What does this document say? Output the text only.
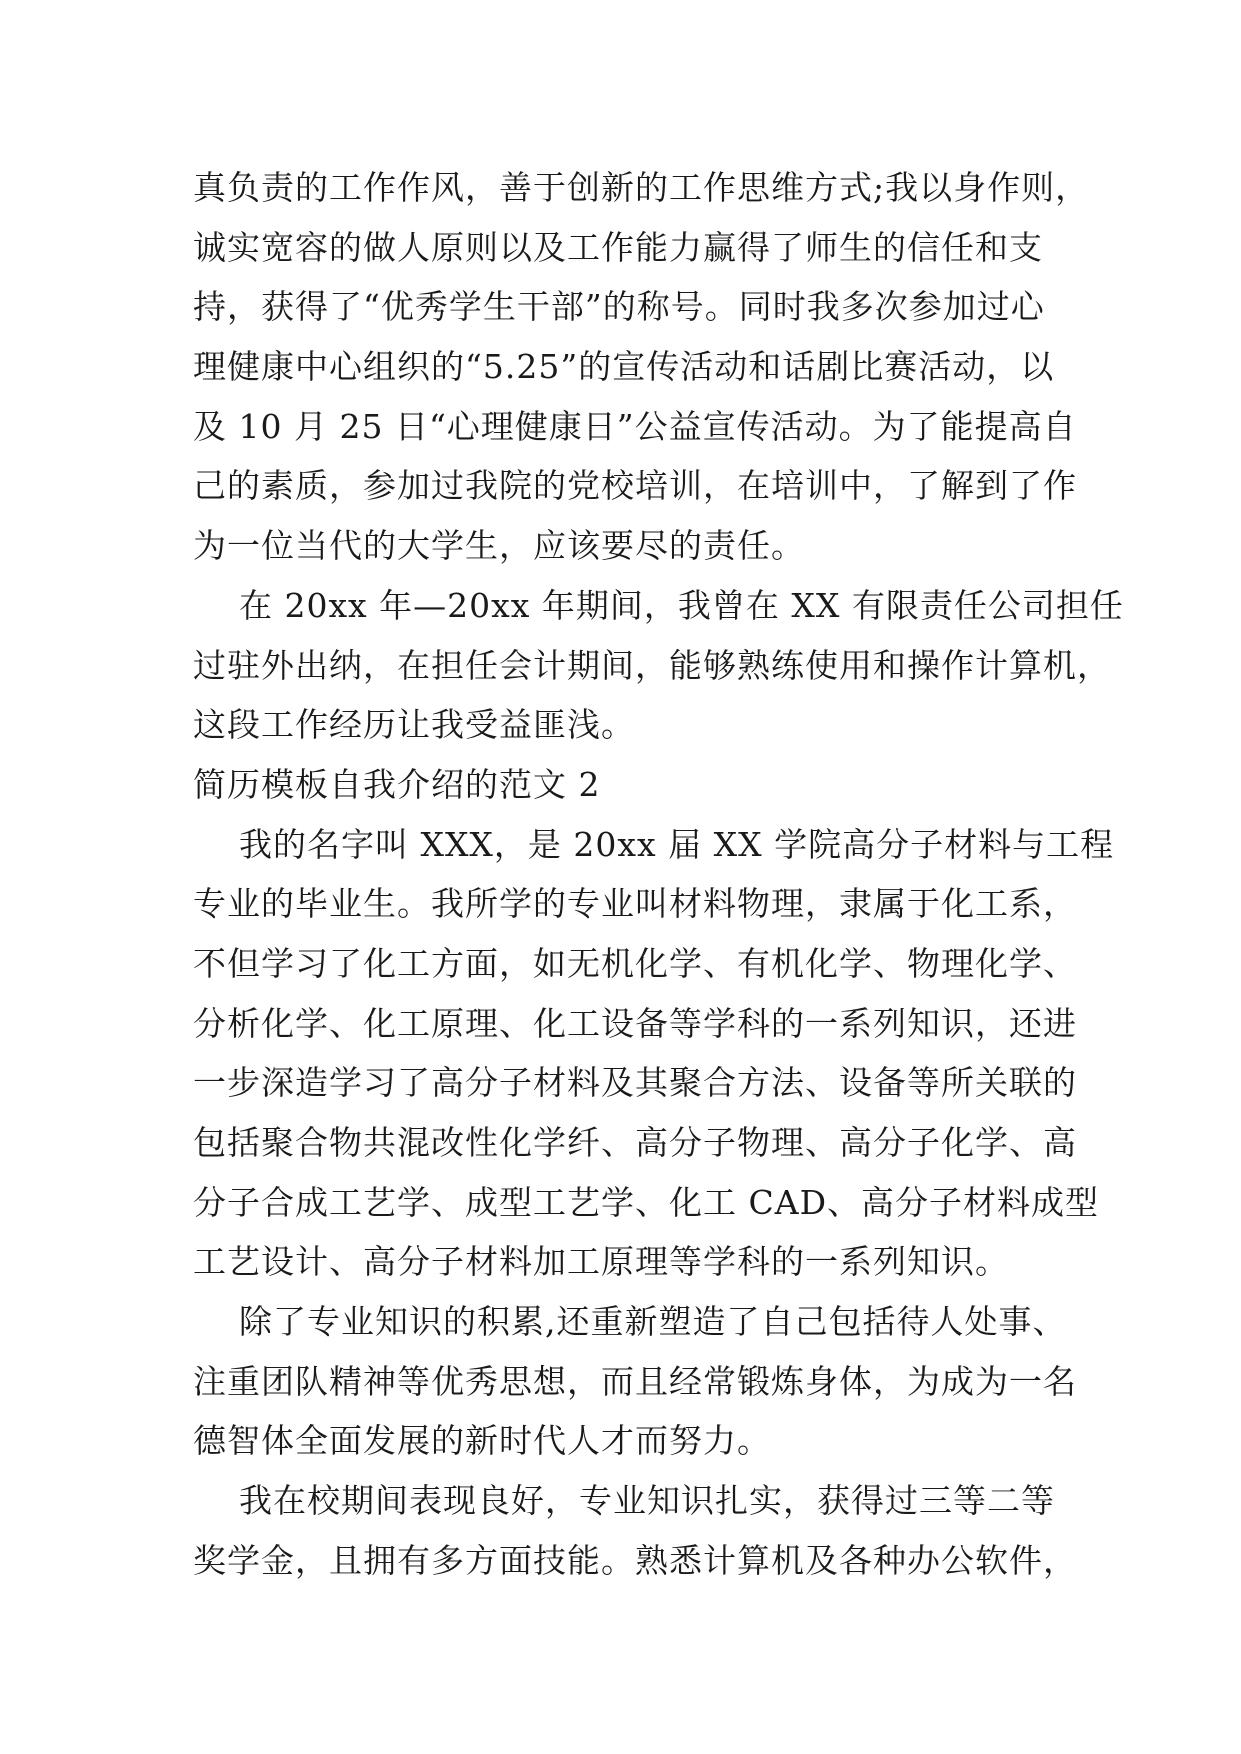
真负责的工作作风，善于创新的工作思维方式;我以身作则，
诚实宽容的做人原则以及工作能力赢得了师生的信任和支
持，获得了“优秀学生干部”的称号。同时我多次参加过心
理健康中心组织的“5.25”的宣传活动和话剧比赛活动，以
及 10 月 25 日“心理健康日”公益宣传活动。为了能提高自
己的素质，参加过我院的党校培训，在培训中，了解到了作
为一位当代的大学生，应该要尽的责任。
在 20xx 年—20xx 年期间，我曾在 XX 有限责任公司担任
过驻外出纳，在担任会计期间，能够熟练使用和操作计算机，
这段工作经历让我受益匪浅。
简历模板自我介绍的范文 2
我的名字叫 XXX，是 20xx 届 XX 学院高分子材料与工程
专业的毕业生。我所学的专业叫材料物理，隶属于化工系，
不但学习了化工方面，如无机化学、有机化学、物理化学、
分析化学、化工原理、化工设备等学科的一系列知识，还进
一步深造学习了高分子材料及其聚合方法、设备等所关联的
包括聚合物共混改性化学纤、高分子物理、高分子化学、高
分子合成工艺学、成型工艺学、化工 CAD、高分子材料成型
工艺设计、高分子材料加工原理等学科的一系列知识。
除了专业知识的积累,还重新塑造了自己包括待人处事、
注重团队精神等优秀思想，而且经常锻炼身体，为成为一名
德智体全面发展的新时代人才而努力。
我在校期间表现良好，专业知识扎实，获得过三等二等
奖学金，且拥有多方面技能。熟悉计算机及各种办公软件，
